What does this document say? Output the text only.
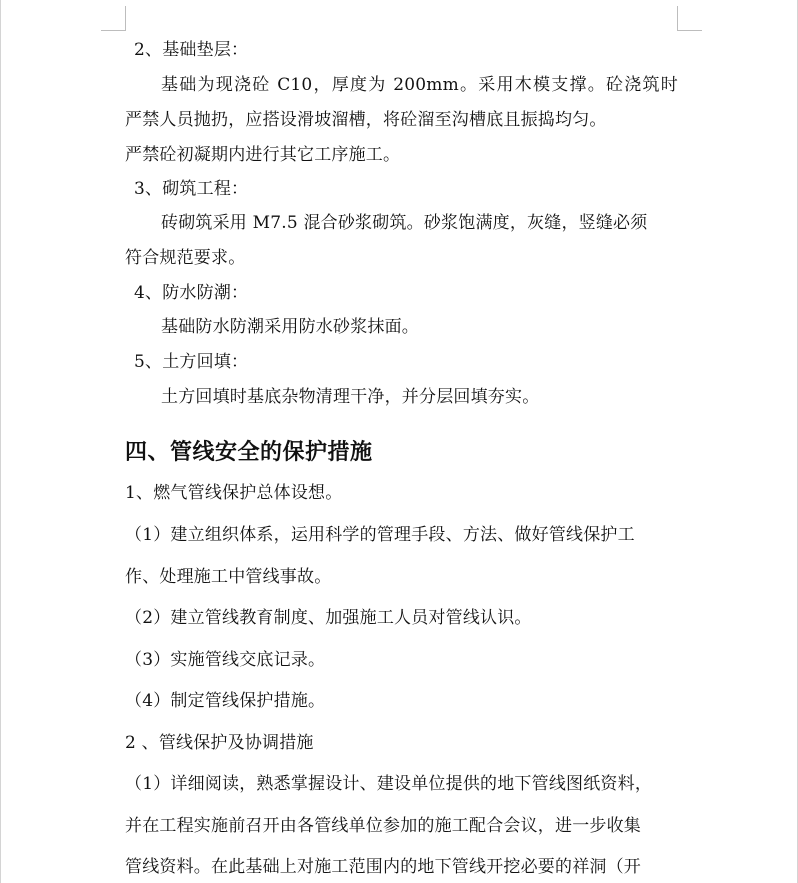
2、基础垫层：
基础为现浇砼 C10，厚度为 200mm。采用木模支撑。砼浇筑时
严禁人员抛扔，应搭设滑坡溜槽，将砼溜至沟槽底且振捣均匀。
严禁砼初凝期内进行其它工序施工。
3、砌筑工程：
砖砌筑采用 M7.5 混合砂浆砌筑。砂浆饱满度，灰缝，竖缝必须
符合规范要求。
4、防水防潮：
基础防水防潮采用防水砂浆抹面。
5、土方回填：
土方回填时基底杂物清理干净，并分层回填夯实。
四、管线安全的保护措施
1、燃气管线保护总体设想。
（1）建立组织体系，运用科学的管理手段、方法、做好管线保护工
作、处理施工中管线事故。
（2）建立管线教育制度、加强施工人员对管线认识。
（3）实施管线交底记录。
（4）制定管线保护措施。
2 、管线保护及协调措施
（1）详细阅读，熟悉掌握设计、建设单位提供的地下管线图纸资料，
并在工程实施前召开由各管线单位参加的施工配合会议，进一步收集
管线资料。在此基础上对施工范围内的地下管线开挖必要的祥洞（开
